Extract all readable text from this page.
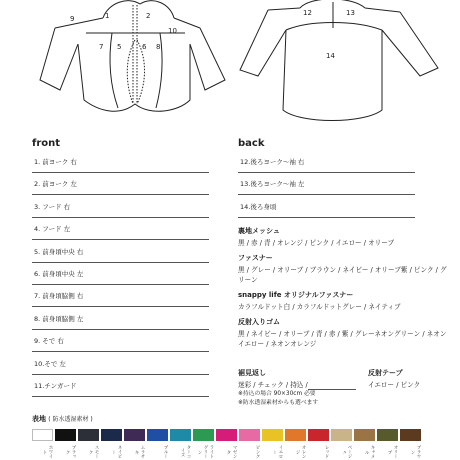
9	1	2
10
7 5	6 8
12	13
14
front
1. 前ヨーク 右
2. 前ヨーク 左
3. フード 右
4. フード 左
5. 前身頃中央 右
6. 前身頃中央 左
7. 前身頃脇側 右
8. 前身頃脇側 左
9. そで 右
10.そで 左
11.チンガード
back
12.後ろヨーク〜袖 右
13.後ろヨーク〜袖 左
14.後ろ身頃
裏地メッシュ
黒 / 赤 / 青 / オレンジ / ピンク / イエロー / オリーブ
ファスナー
黒 / グレー / オリーブ / ブラウン / ネイビー / オリーブ紫 / ピンク / グリーン
snappy life オリジナルファスナー
カラフルドット白 / カラフルドットグレー / ネイティブ
反射入りゴム
黒 / ネイビー / オリーブ / 青 / 赤 / 紫 / グレーネオングリーン / ネオンイエロー / ネオンオレンジ
裾見返し
迷彩 / チェック / 持込 /
※持込の場合 90×30cm 必要
※防水透湿素材からも選べます
反射テープ
イエロー / ピンク
表地 ( 防水透湿素材 )
ホワイト	ブラック	スモーク	ネイビー	ムラサキ	ブルー	ターコイズ	ライトグリーン	マゼンタ	ピンク	イエロー	オレンジ	レッド	ベージュ	キャメル	オリーブ	ブラウン
